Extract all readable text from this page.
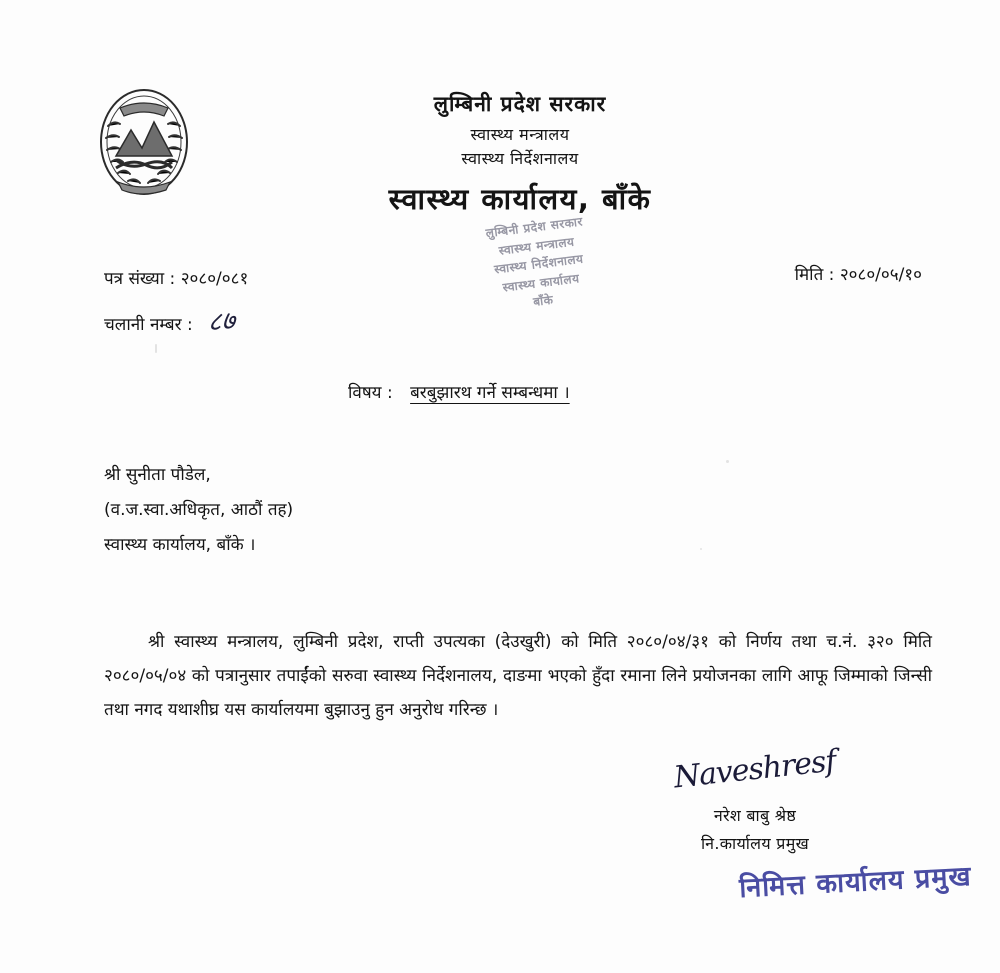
लुम्बिनी प्रदेश सरकार
स्वास्थ्य मन्त्रालय
स्वास्थ्य निर्देशनालय
स्वास्थ्य कार्यालय, बाँके
लुम्बिनी प्रदेश सरकार
स्वास्थ्य मन्त्रालय
स्वास्थ्य निर्देशनालय
स्वास्थ्य कार्यालय
बाँके
पत्र संख्या : २०८०/०८१
चलानी नम्बर : ८७
मिति : २०८०/०५/१०
विषय : बरबुझारथ गर्ने सम्बन्धमा ।
श्री सुनीता पौडेल,
(व.ज.स्वा.अधिकृत, आठौं तह)
स्वास्थ्य कार्यालय, बाँके ।

श्री स्वास्थ्य मन्त्रालय, लुम्बिनी प्रदेश, राप्ती उपत्यका (देउखुरी) को मिति २०८०/०४/३१ को निर्णय तथा च.नं. ३२० मिति २०८०/०५/०४ को पत्रानुसार तपाईंको सरुवा स्वास्थ्य निर्देशनालय, दाङमा भएको हुँदा रमाना लिने प्रयोजनका लागि आफू जिम्माको जिन्सी तथा नगद यथाशीघ्र यस कार्यालयमा बुझाउनु हुन अनुरोध गरिन्छ ।

Naveshresf
नरेश बाबु श्रेष्ठ
नि.कार्यालय प्रमुख
निमित्त कार्यालय प्रमुख
